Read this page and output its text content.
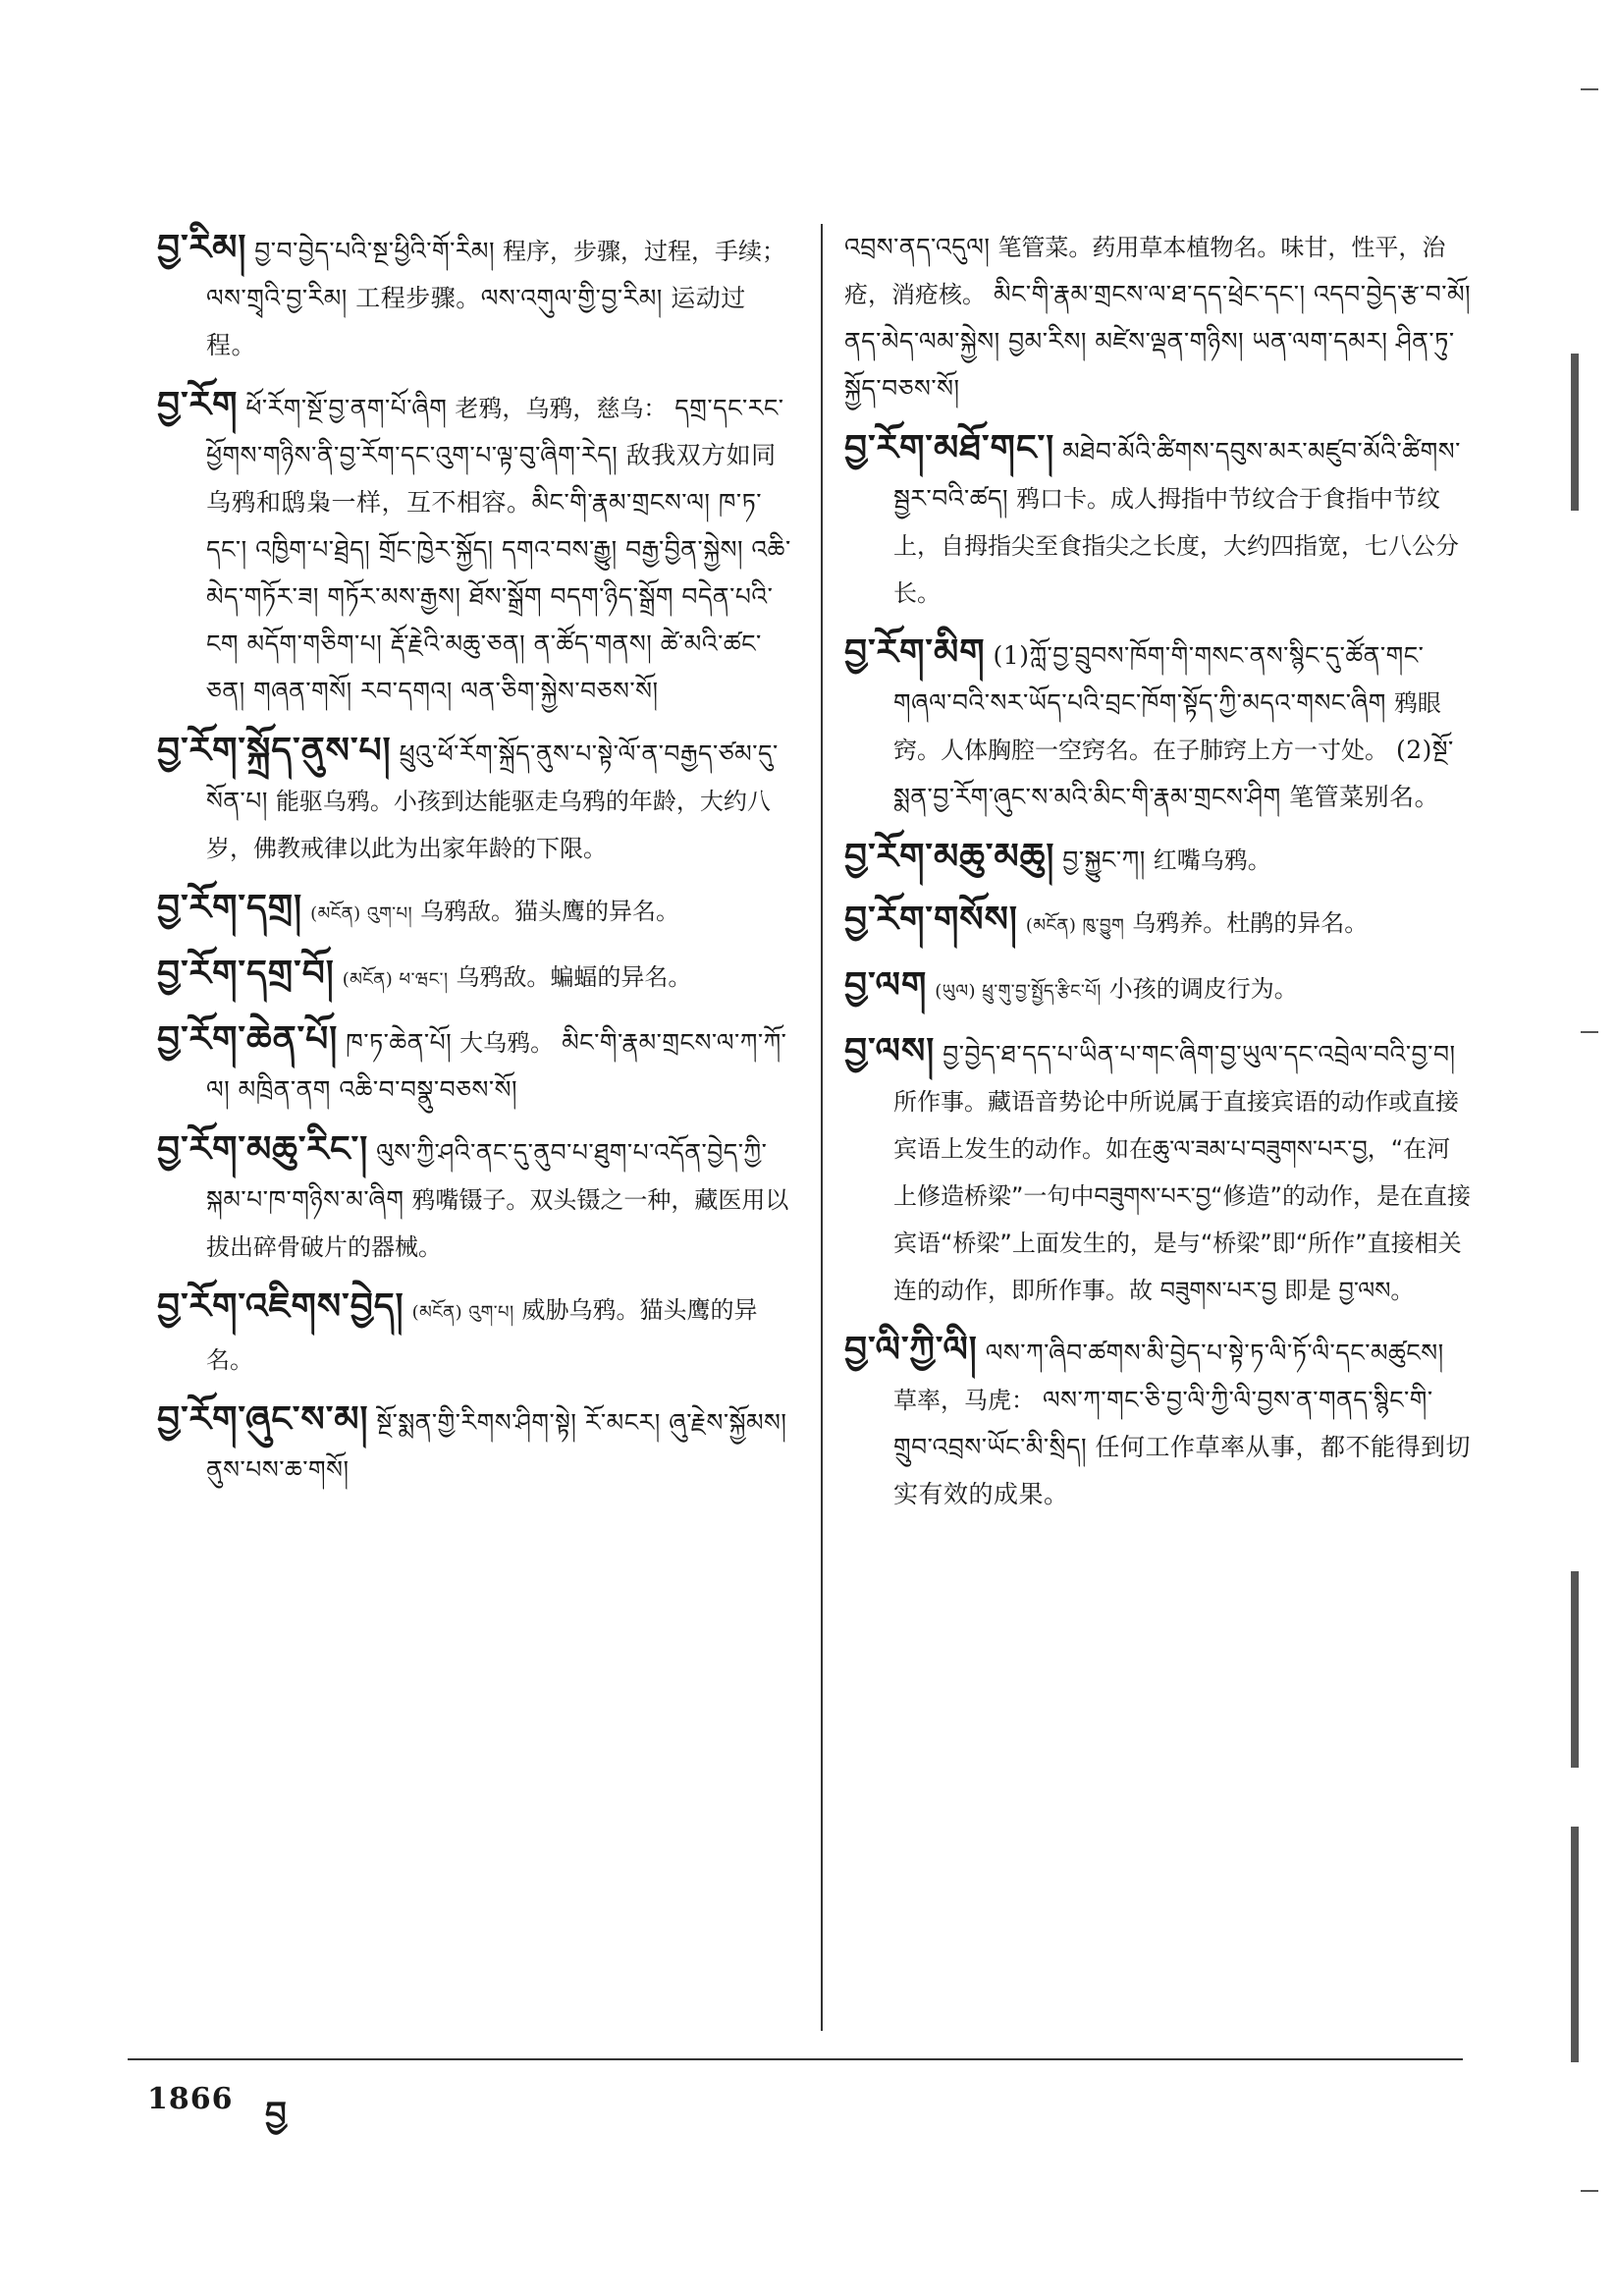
བྱ་རིམ། བྱ་བ་བྱེད་པའི་སྔ་ཕྱིའི་གོ་རིམ། 程序，步骤，过程，手续； ལས་གྲྭའི་བྱ་རིམ། 工程步骤。ལས་འགུལ་གྱི་བྱ་རིམ། 运动过程。
བྱ་རོག ཕོ་རོག་སྔོ་བྱ་ནག་པོ་ཞིག 老鸦，乌鸦，慈乌： དགྲ་དང་རང་ཕྱོགས་གཉིས་ནི་བྱ་རོག་དང་འུག་པ་ལྟ་བུ་ཞིག་རེད། 敌我双方如同乌鸦和鸱枭一样，互不相容。མིང་གི་རྣམ་གྲངས་ལ། ཁ་ཏ་དང་། འཁྱིག་པ་ཐྲེད། གྲོང་ཁྱེར་སྐྱོད། དགའ་བས་རྒྱུ། བརྒྱ་བྱིན་སྐྱེས། འཆི་མེད་གཏོར་ཟ། གཏོར་མས་རྒྱས། ཐོས་སྒྲོག བདག་ཉིད་སྒྲོག བདེན་པའི་ངག མདོག་གཅིག་པ། རྡོ་རྗེའི་མཆུ་ཅན། ན་ཚོད་གནས། ཚེ་མའི་ཚང་ཅན། གཞན་གསོ། རབ་དགའ། ལན་ཅིག་སྐྱེས་བཅས་སོ།
བྱ་རོག་སྐྲོད་ནུས་པ། ཕྲུའུ་ཕོ་རོག་སྐྲོད་ནུས་པ་སྟེ་ལོ་ན་བརྒྱད་ཙམ་དུ་སོན་པ། 能驱乌鸦。小孩到达能驱走乌鸦的年龄，大约八岁，佛教戒律以此为出家年龄的下限。
བྱ་རོག་དགྲ། (མངོན) འུག་པ། 乌鸦敌。猫头鹰的异名。
བྱ་རོག་དགྲ་བོ། (མངོན) ཕ་ཝང་། 乌鸦敌。蝙蝠的异名。
བྱ་རོག་ཆེན་པོ། ཁ་ཏ་ཆེན་པོ། 大乌鸦。 མིང་གི་རྣམ་གྲངས་ལ་ཀ་ཀོ་ལ། མཁྲིན་ནག འཆི་བ་བསྣུ་བཅས་སོ།
བྱ་རོག་མཆུ་རིང་། ལུས་ཀྱི་ཤའི་ནང་དུ་ནུབ་པ་ཐུག་པ་འདོན་བྱེད་ཀྱི་སྐམ་པ་ཁ་གཉིས་མ་ཞིག 鸦嘴镊子。双头镊之一种，藏医用以拔出碎骨破片的器械。
བྱ་རོག་འཇིགས་བྱེད། (མངོན) འུག་པ། 威胁乌鸦。猫头鹰的异名。
བྱ་རོག་ཞུང་ས་མ། སྔོ་སྨན་གྱི་རིགས་ཤིག་སྟེ། རོ་མངར། ཞུ་རྗེས་སྐྱོམས། ནུས་པས་ཆ་གསོ།
འབྲས་ནད་འདུལ། 笔管菜。药用草本植物名。味甘，性平，治疮，消疮核。 མིང་གི་རྣམ་གྲངས་ལ་ཐ་དད་ཕྲེང་དང་། འདབ་བྱེད་རྩ་བ་མོ། ནད་མེད་ལམ་སྐྱེས། བྱམ་རིས། མཛེས་ལྡན་གཉིས། ཡན་ལག་དམར། ཤིན་ཏུ་སྐྱོད་བཅས་སོ།
བྱ་རོག་མཐོ་གང་། མཐེབ་མོའི་ཚིགས་དབུས་མར་མཛུབ་མོའི་ཚིགས་སྦྱར་བའི་ཚད། 鸦口卡。成人拇指中节纹合于食指中节纹上，自拇指尖至食指尖之长度，大约四指宽，七八公分长。
བྱ་རོག་མིག (1)ཀློ་བྱ་བྲུབས་ཁོག་གི་གསང་ནས་སྙིང་དུ་ཚོན་གང་གཞལ་བའི་སར་ཡོད་པའི་བྲང་ཁོག་སྟོད་ཀྱི་མདའ་གསང་ཞིག 鸦眼窍。人体胸腔一空窍名。在子肺窍上方一寸处。 (2)སྔོ་སྨན་བྱ་རོག་ཞུང་ས་མའི་མིང་གི་རྣམ་གྲངས་ཤིག 笔管菜别名。
བྱ་རོག་མཆུ་མཆུ། བྱ་སྐྱུང་ཀ། 红嘴乌鸦。
བྱ་རོག་གསོས། (མངོན) ཁུ་བྱུག 乌鸦养。杜鹃的异名。
བྱ་ལག (ཡུལ) ཕྲུ་གུ་བྱ་སྤྱོད་རྩིང་པོ། 小孩的调皮行为。
བྱ་ལས། བྱ་བྱེད་ཐ་དད་པ་ཡིན་པ་གང་ཞིག་བྱ་ཡུལ་དང་འབྲེལ་བའི་བྱ་བ། 所作事。藏语音势论中所说属于直接宾语的动作或直接宾语上发生的动作。如在ཆུ་ལ་ཟམ་པ་བཟུགས་པར་བྱ，“在河上修造桥梁”一句中བཟུགས་པར་བྱ“修造”的动作，是在直接宾语“桥梁”上面发生的，是与“桥梁”即“所作”直接相关连的动作，即所作事。故 བཟུགས་པར་བྱ 即是 བྱ་ལས。
བྱ་ལི་ཀྱི་ལི། ལས་ཀ་ཞིབ་ཚགས་མི་བྱེད་པ་སྟེ་ཏ་ལི་ཏོ་ལི་དང་མཚུངས། 草率，马虎： ལས་ཀ་གང་ཅི་བྱ་ལི་ཀྱི་ལི་བྱས་ན་གནད་སྙིང་གི་གྲུབ་འབྲས་ཡོང་མི་སྲིད། 任何工作草率从事，都不能得到切实有效的成果。
1866 བྱ
